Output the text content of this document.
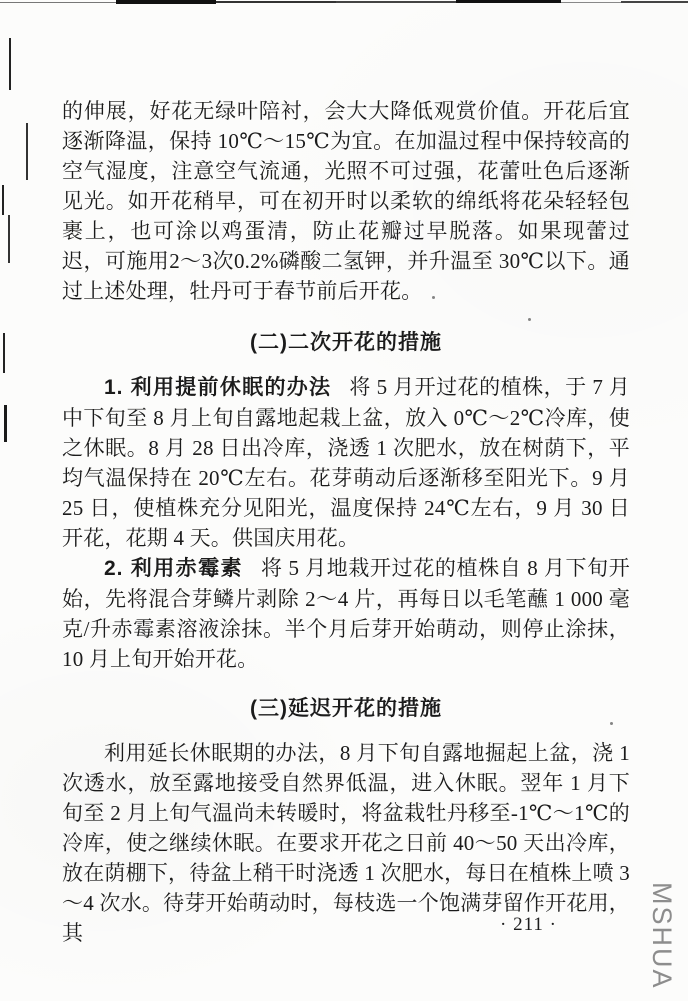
的伸展，好花无绿叶陪衬，会大大降低观赏价值。开花后宜逐渐降温，保持 10℃～15℃为宜。在加温过程中保持较高的空气湿度，注意空气流通，光照不可过强，花蕾吐色后逐渐见光。如开花稍早，可在初开时以柔软的绵纸将花朵轻轻包裹上，也可涂以鸡蛋清，防止花瓣过早脱落。如果现蕾过迟，可施用2～3次0.2%磷酸二氢钾，并升温至 30℃以下。通过上述处理，牡丹可于春节前后开花。

(二)二次开花的措施

1. 利用提前休眠的办法 将 5 月开过花的植株，于 7 月中下旬至 8 月上旬自露地起栽上盆，放入 0℃～2℃冷库，使之休眠。8 月 28 日出冷库，浇透 1 次肥水，放在树荫下，平均气温保持在 20℃左右。花芽萌动后逐渐移至阳光下。9 月 25 日，使植株充分见阳光，温度保持 24℃左右，9 月 30 日开花，花期 4 天。供国庆用花。

2. 利用赤霉素 将 5 月地栽开过花的植株自 8 月下旬开始，先将混合芽鳞片剥除 2～4 片，再每日以毛笔蘸 1 000 毫克/升赤霉素溶液涂抹。半个月后芽开始萌动，则停止涂抹，10 月上旬开始开花。

(三)延迟开花的措施

利用延长休眠期的办法，8 月下旬自露地掘起上盆，浇 1 次透水，放至露地接受自然界低温，进入休眠。翌年 1 月下旬至 2 月上旬气温尚未转暖时，将盆栽牡丹移至-1℃～1℃的冷库，使之继续休眠。在要求开花之日前 40～50 天出冷库，放在荫棚下，待盆上稍干时浇透 1 次肥水，每日在植株上喷 3～4 次水。待芽开始萌动时，每枝选一个饱满芽留作开花用，其	· 211 ·	MSHUA
